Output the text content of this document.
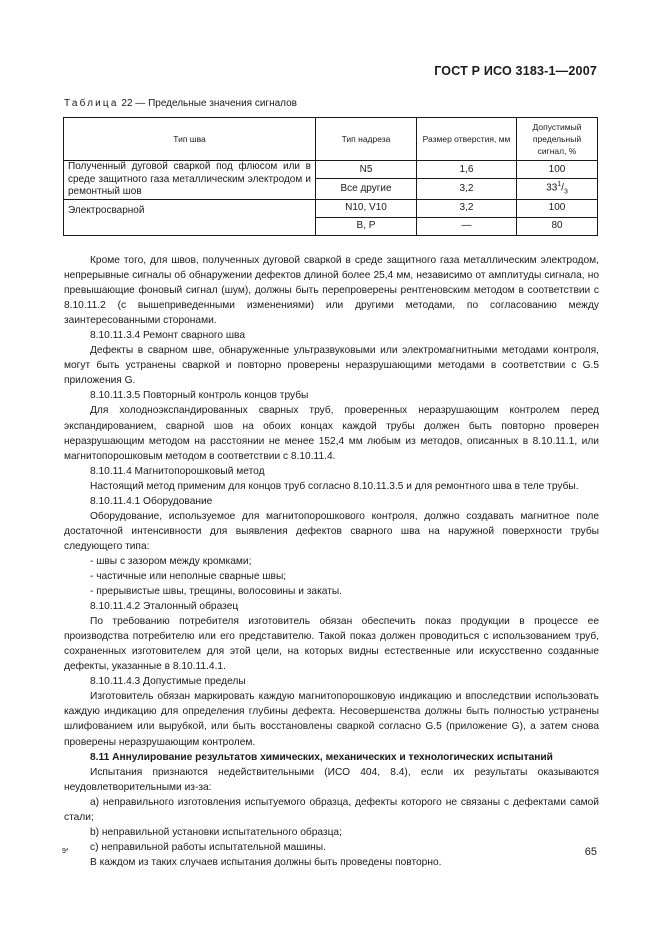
ГОСТ Р ИСО 3183-1—2007
Таблица 22 — Предельные значения сигналов
Тип шва	Тип надреза	Размер отверстия, мм	Допустимый предельный сигнал, %

Полученный дуговой сваркой под флюсом или в среде защитного газа металлическим электродом и ремонтный шов	N5	1,6	100
	Все другие	3,2	$33^1/_3$

Электросварной	N10, V10	3,2	100
	B, P	—	80

Кроме того, для швов, полученных дуговой сваркой в среде защитного газа металлическим электродом, непрерывные сигналы об обнаружении дефектов длиной более 25,4 мм, независимо от амплитуды сигнала, но превышающие фоновый сигнал (шум), должны быть перепроверены рентгеновским методом в соответствии с 8.10.11.2 (с вышеприведенными изменениями) или другими методами, по согласованию между заинтересованными сторонами.

8.10.11.3.4 Ремонт сварного шва

Дефекты в сварном шве, обнаруженные ультразвуковыми или электромагнитными методами контроля, могут быть устранены сваркой и повторно проверены неразрушающими методами в соответствии с G.5 приложения G.

8.10.11.3.5 Повторный контроль концов трубы

Для холодноэкспандированных сварных труб, проверенных неразрушающим контролем перед экспандированием, сварной шов на обоих концах каждой трубы должен быть повторно проверен неразрушающим методом на расстоянии не менее 152,4 мм любым из методов, описанных в 8.10.11.1, или магнитопорошковым методом в соответствии с 8.10.11.4.

8.10.11.4 Магнитопорошковый метод

Настоящий метод применим для концов труб согласно 8.10.11.3.5 и для ремонтного шва в теле трубы.

8.10.11.4.1 Оборудование

Оборудование, используемое для магнитопорошкового контроля, должно создавать магнитное поле достаточной интенсивности для выявления дефектов сварного шва на наружной поверхности трубы следующего типа:

- швы с зазором между кромками;

- частичные или неполные сварные швы;

- прерывистые швы, трещины, волосовины и закаты.

8.10.11.4.2 Эталонный образец

По требованию потребителя изготовитель обязан обеспечить показ продукции в процессе ее производства потребителю или его представителю. Такой показ должен проводиться с использованием труб, сохраненных изготовителем для этой цели, на которых видны естественные или искусственно созданные дефекты, указанные в 8.10.11.4.1.

8.10.11.4.3 Допустимые пределы

Изготовитель обязан маркировать каждую магнитопорошковую индикацию и впоследствии использовать каждую индикацию для определения глубины дефекта. Несовершенства должны быть полностью устранены шлифованием или вырубкой, или быть восстановлены сваркой согласно G.5 (приложение G), а затем снова проверены неразрушающим контролем.

8.11 Аннулирование результатов химических, механических и технологических испытаний

Испытания признаются недействительными (ИСО 404, 8.4), если их результаты оказываются неудовлетворительными из-за:

а) неправильного изготовления испытуемого образца, дефекты которого не связаны с дефектами самой стали;

b) неправильной установки испытательного образца;

с) неправильной работы испытательной машины.

В каждом из таких случаев испытания должны быть проведены повторно.

9*	65
